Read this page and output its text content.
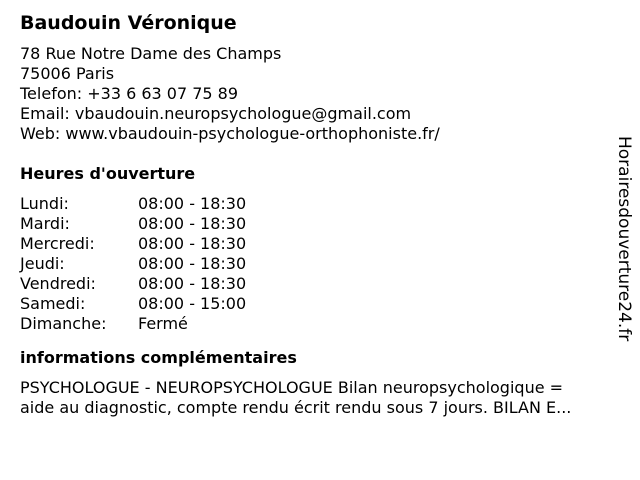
Baudouin Véronique
78 Rue Notre Dame des Champs
75006 Paris
Telefon: +33 6 63 07 75 89
Email: vbaudouin.neuropsychologue@gmail.com
Web: www.vbaudouin-psychologue-orthophoniste.fr/
Heures d'ouverture
Lundi:	08:00 - 18:30
Mardi:	08:00 - 18:30
Mercredi:	08:00 - 18:30
Jeudi:	08:00 - 18:30
Vendredi:	08:00 - 18:30
Samedi:	08:00 - 15:00
Dimanche:	Fermé
informations complémentaires
PSYCHOLOGUE - NEUROPSYCHOLOGUE Bilan neuropsychologique =
aide au diagnostic, compte rendu écrit rendu sous 7 jours. BILAN E...
Horairesdouverture24.fr
